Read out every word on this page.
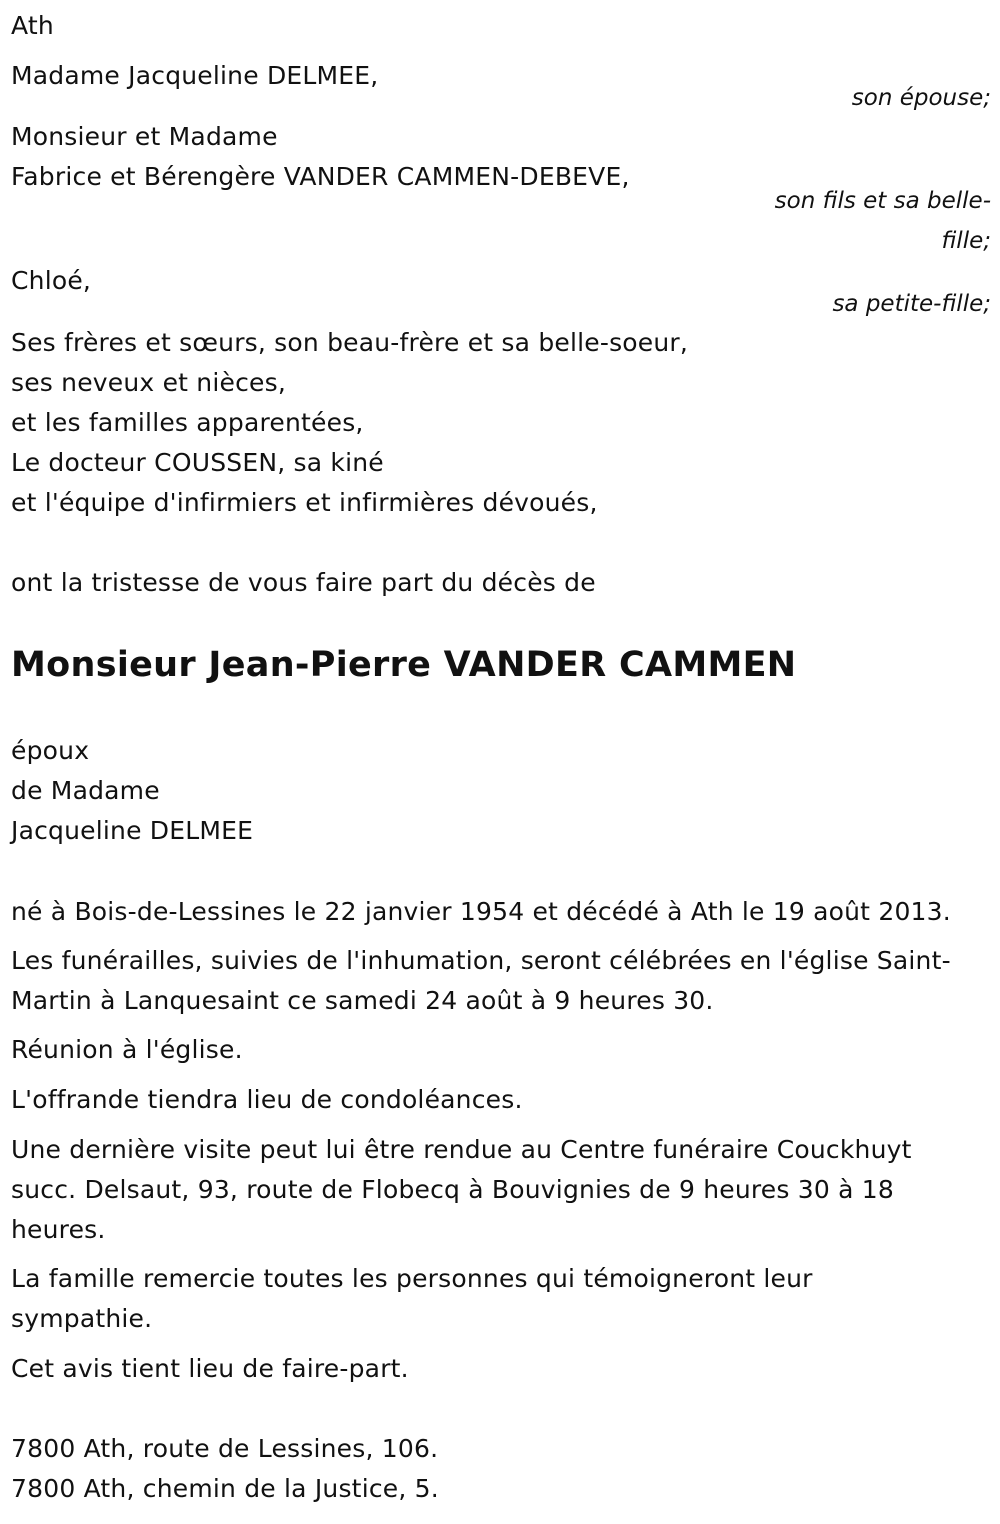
Ath
Madame Jacqueline DELMEE,
son épouse;
Monsieur et Madame
Fabrice et Bérengère VANDER CAMMEN-DEBEVE,
son fils et sa belle-
fille;
Chloé,
sa petite-fille;
Ses frères et sœurs, son beau-frère et sa belle-soeur,
ses neveux et nièces,
et les familles apparentées,
Le docteur COUSSEN, sa kiné
et l'équipe d'infirmiers et infirmières dévoués,
ont la tristesse de vous faire part du décès de
Monsieur Jean-Pierre VANDER CAMMEN
époux
de Madame
Jacqueline DELMEE
né à Bois-de-Lessines le 22 janvier 1954 et décédé à Ath le 19 août 2013.
Les funérailles, suivies de l'inhumation, seront célébrées en l'église Saint-
Martin à Lanquesaint ce samedi 24 août à 9 heures 30.
Réunion à l'église.
L'offrande tiendra lieu de condoléances.
Une dernière visite peut lui être rendue au Centre funéraire Couckhuyt
succ. Delsaut, 93, route de Flobecq à Bouvignies de 9 heures 30 à 18
heures.
La famille remercie toutes les personnes qui témoigneront leur
sympathie.
Cet avis tient lieu de faire-part.
7800 Ath, route de Lessines, 106.
7800 Ath, chemin de la Justice, 5.
